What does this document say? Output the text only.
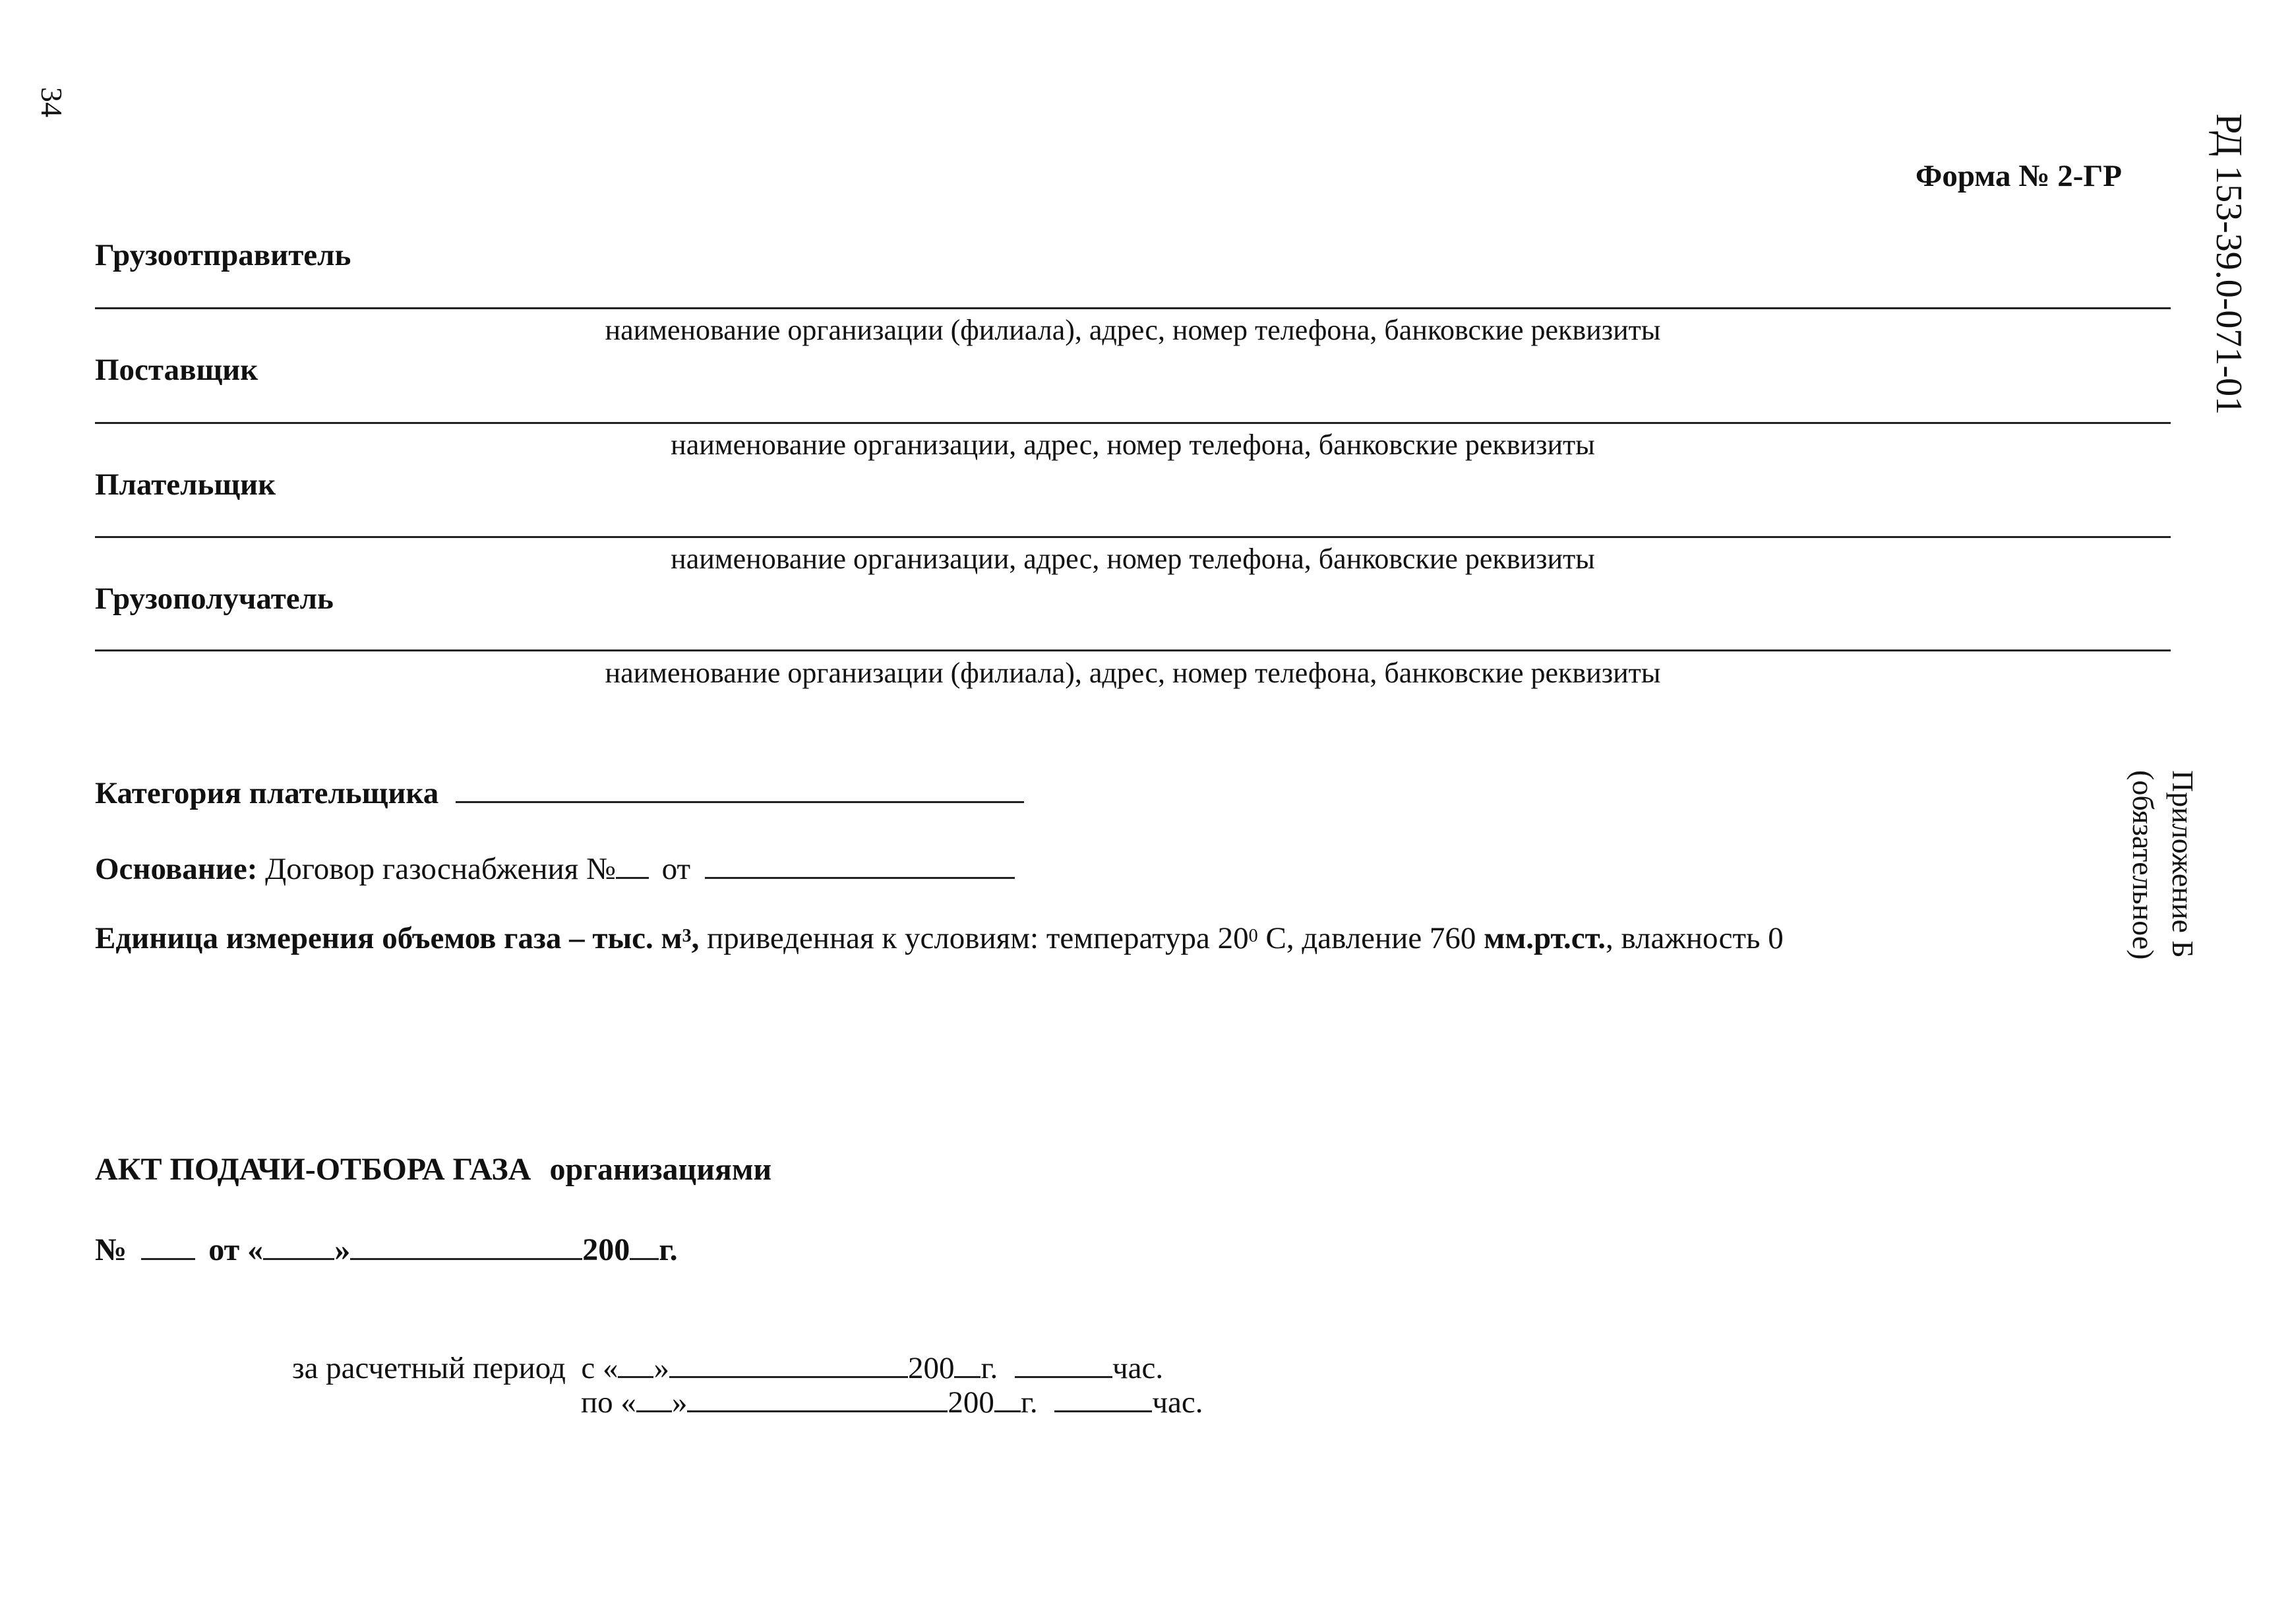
34
РД 153-39.0-071-01
Приложение Б
(обязательное)
Форма № 2-ГР
Грузоотправитель
наименование организации (филиала), адрес, номер телефона, банковские реквизиты
Поставщик
наименование организации, адрес, номер телефона, банковские реквизиты
Плательщик
наименование организации, адрес, номер телефона, банковские реквизиты
Грузополучатель
наименование организации (филиала), адрес, номер телефона, банковские реквизиты
Категория плательщика
Основание: Договор газоснабжения № от
Единица измерения объемов газа – тыс. $м^3$, приведенная к условиям: температура $20^0$ С, давление 760 мм.рт.ст., влажность 0
АКТ ПОДАЧИ-ОТБОРА ГАЗА организациями
№	от « »	200 г.
за расчетный период  с « »	200 г.	час.
по « »	200 г.	час.
